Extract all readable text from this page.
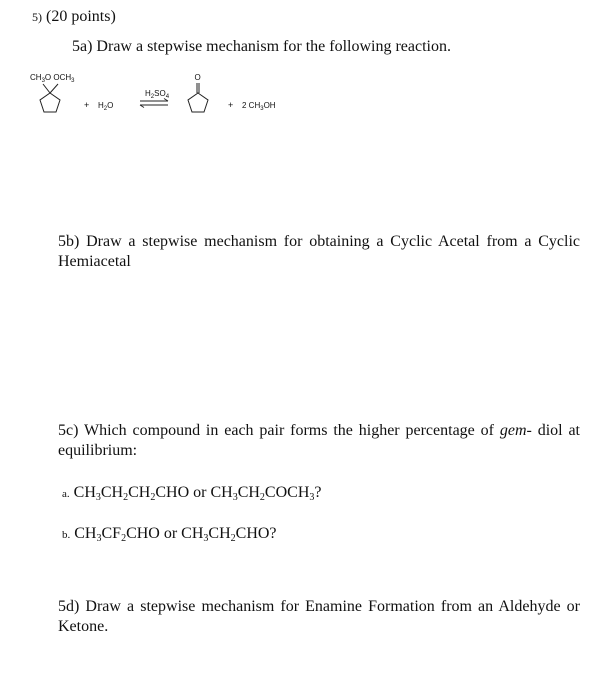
5) (20 points)
5a) Draw a stepwise mechanism for the following reaction.
$CH_3O$ $OCH_3$
+ $H_2O$
$H_2SO_4$
O
+ 2 $CH_3OH$
5b) Draw a stepwise mechanism for obtaining a Cyclic Acetal from a Cyclic Hemiacetal
5c) Which compound in each pair forms the higher percentage of gem- diol at equilibrium:
a. $CH_3CH_2CH_2CHO$ or $CH_3CH_2COCH_3$?
b. $CH_3CF_2CHO$ or $CH_3CH_2CHO$?
5d) Draw a stepwise mechanism for Enamine Formation from an Aldehyde or Ketone.
